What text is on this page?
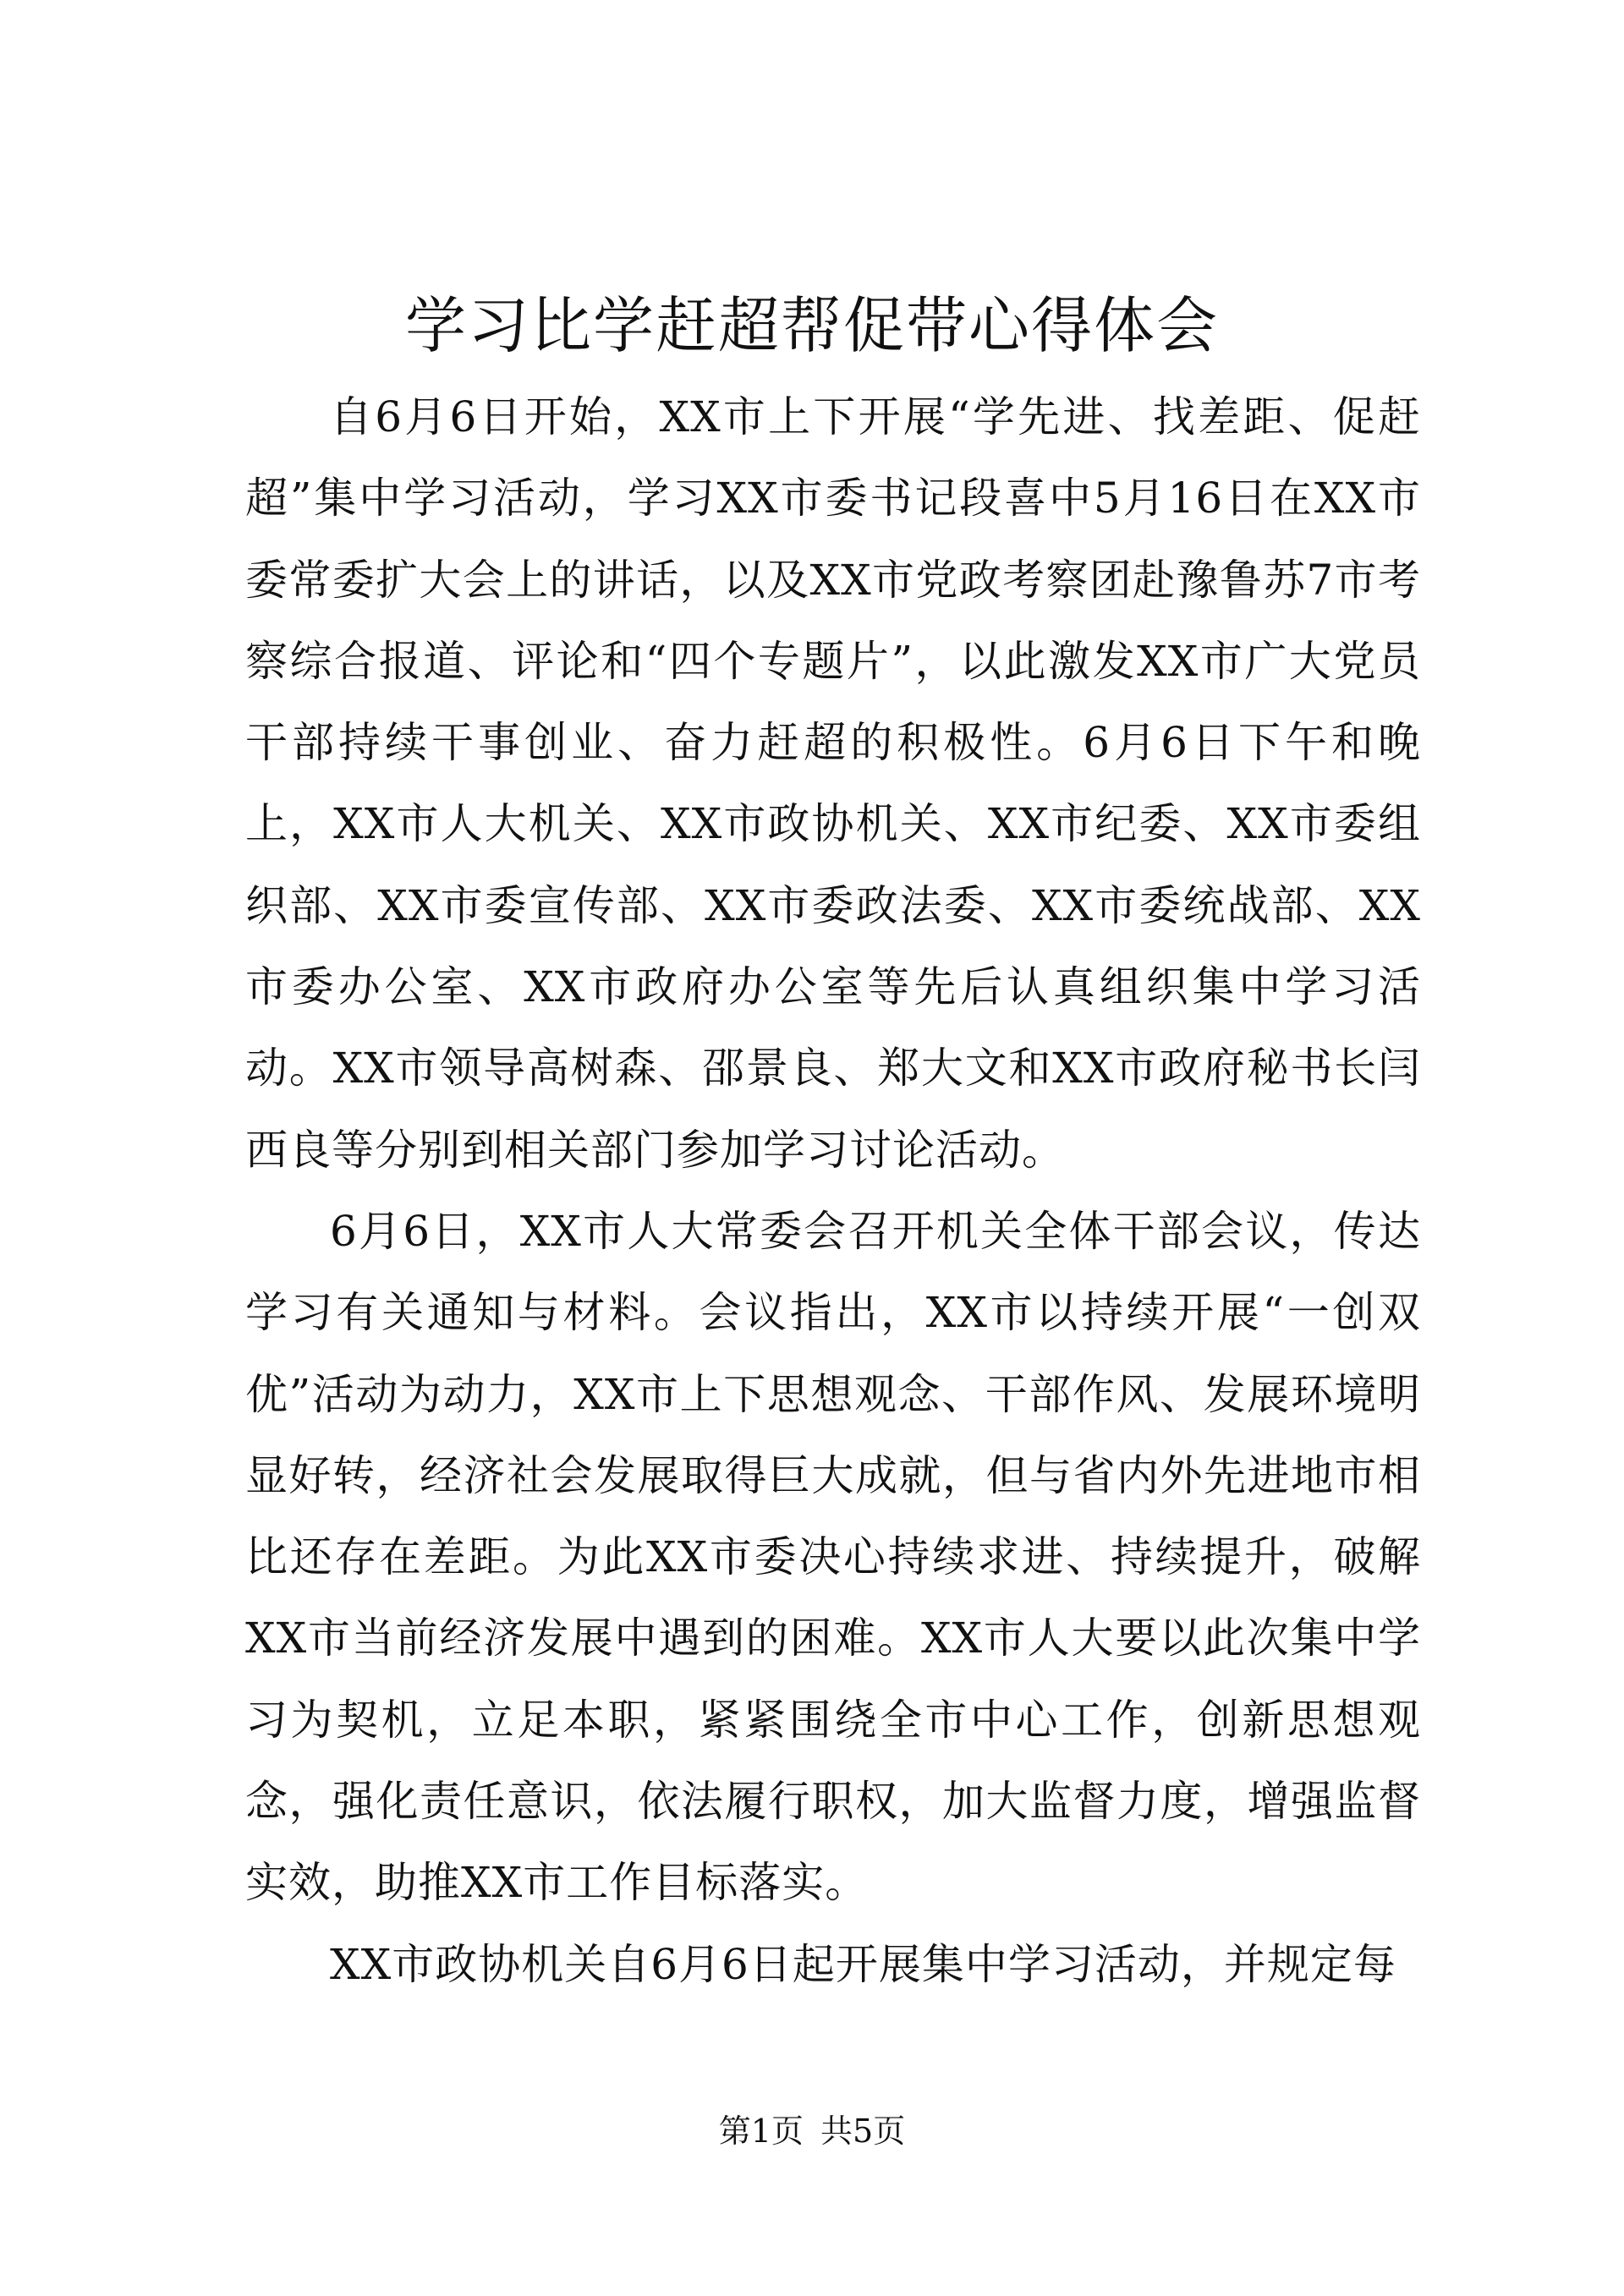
学习比学赶超帮促带心得体会

自6月6日开始，XX市上下开展“学先进、找差距、促赶超”集中学习活动，学习XX市委书记段喜中5月16日在XX市委常委扩大会上的讲话，以及XX市党政考察团赴豫鲁苏7市考察综合报道、评论和“四个专题片”，以此激发XX市广大党员干部持续干事创业、奋力赶超的积极性。6月6日下午和晚上，XX市人大机关、XX市政协机关、XX市纪委、XX市委组织部、XX市委宣传部、XX市委政法委、XX市委统战部、XX市委办公室、XX市政府办公室等先后认真组织集中学习活动。XX市领导高树森、邵景良、郑大文和XX市政府秘书长闫西良等分别到相关部门参加学习讨论活动。

6月6日，XX市人大常委会召开机关全体干部会议，传达学习有关通知与材料。会议指出，XX市以持续开展“一创双优”活动为动力，XX市上下思想观念、干部作风、发展环境明显好转，经济社会发展取得巨大成就，但与省内外先进地市相比还存在差距。为此XX市委决心持续求进、持续提升，破解XX市当前经济发展中遇到的困难。XX市人大要以此次集中学习为契机，立足本职，紧紧围绕全市中心工作，创新思想观念，强化责任意识，依法履行职权，加大监督力度，增强监督实效，助推XX市工作目标落实。

XX市政协机关自6月6日起开展集中学习活动，并规定每

第1页 共5页
